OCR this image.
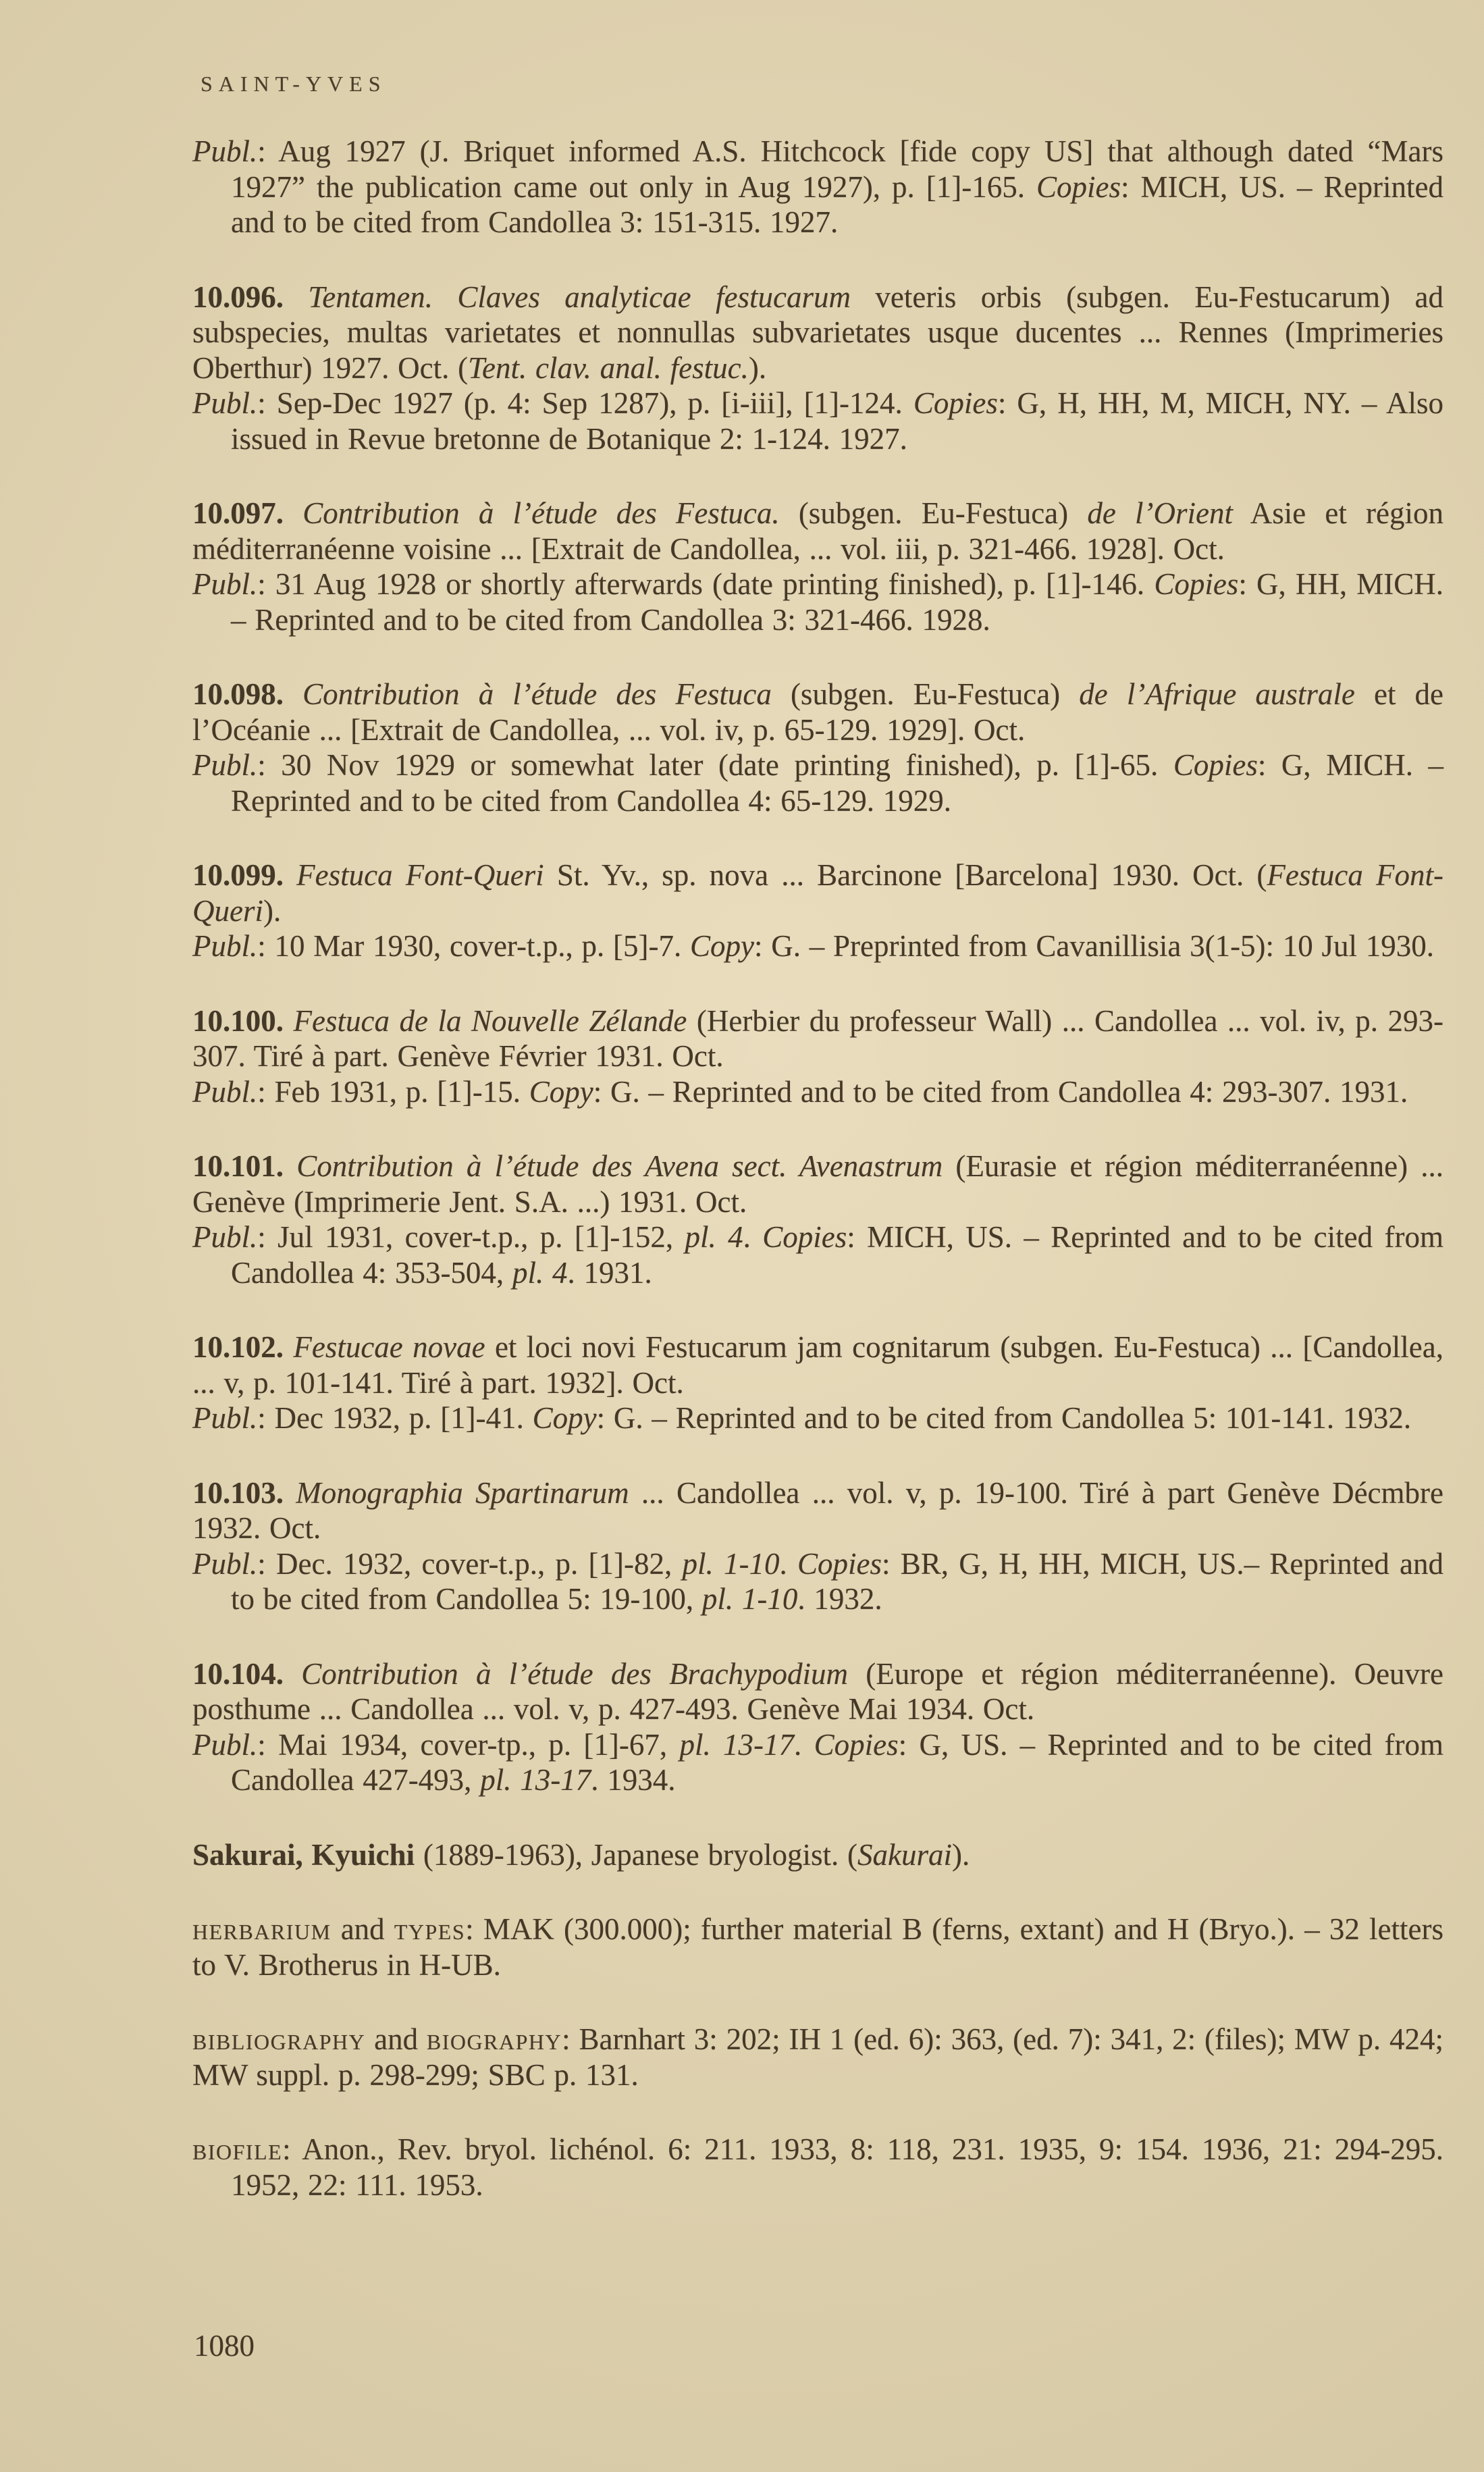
SAINT-YVES

Publ.: Aug 1927 (J. Briquet informed A.S. Hitchcock [fide copy US] that although dated “Mars 1927” the publication came out only in Aug 1927), p. [1]-165. Copies: MICH, US. – Reprinted and to be cited from Candollea 3: 151-315. 1927.

10.096. Tentamen. Claves analyticae festucarum veteris orbis (subgen. Eu-Festucarum) ad subspecies, multas varietates et nonnullas subvarietates usque ducentes ... Rennes (Imprimeries Oberthur) 1927. Oct. (Tent. clav. anal. festuc.).

Publ.: Sep-Dec 1927 (p. 4: Sep 1287), p. [i-iii], [1]-124. Copies: G, H, HH, M, MICH, NY. – Also issued in Revue bretonne de Botanique 2: 1-124. 1927.

10.097. Contribution à l’étude des Festuca. (subgen. Eu-Festuca) de l’Orient Asie et région méditerranéenne voisine ... [Extrait de Candollea, ... vol. iii, p. 321-466. 1928]. Oct.

Publ.: 31 Aug 1928 or shortly afterwards (date printing finished), p. [1]-146. Copies: G, HH, MICH. – Reprinted and to be cited from Candollea 3: 321-466. 1928.

10.098. Contribution à l’étude des Festuca (subgen. Eu-Festuca) de l’Afrique australe et de l’Océanie ... [Extrait de Candollea, ... vol. iv, p. 65-129. 1929]. Oct.

Publ.: 30 Nov 1929 or somewhat later (date printing finished), p. [1]-65. Copies: G, MICH. – Reprinted and to be cited from Candollea 4: 65-129. 1929.

10.099. Festuca Font-Queri St. Yv., sp. nova ... Barcinone [Barcelona] 1930. Oct. (Festuca Font-Queri).

Publ.: 10 Mar 1930, cover-t.p., p. [5]-7. Copy: G. – Preprinted from Cavanillisia 3(1-5): 10 Jul 1930.

10.100. Festuca de la Nouvelle Zélande (Herbier du professeur Wall) ... Candollea ... vol. iv, p. 293-307. Tiré à part. Genève Février 1931. Oct.

Publ.: Feb 1931, p. [1]-15. Copy: G. – Reprinted and to be cited from Candollea 4: 293-307. 1931.

10.101. Contribution à l’étude des Avena sect. Avenastrum (Eurasie et région méditerranéenne) ... Genève (Imprimerie Jent. S.A. ...) 1931. Oct.

Publ.: Jul 1931, cover-t.p., p. [1]-152, pl. 4. Copies: MICH, US. – Reprinted and to be cited from Candollea 4: 353-504, pl. 4. 1931.

10.102. Festucae novae et loci novi Festucarum jam cognitarum (subgen. Eu-Festuca) ... [Candollea, ... v, p. 101-141. Tiré à part. 1932]. Oct.

Publ.: Dec 1932, p. [1]-41. Copy: G. – Reprinted and to be cited from Candollea 5: 101-141. 1932.

10.103. Monographia Spartinarum ... Candollea ... vol. v, p. 19-100. Tiré à part Genève Décmbre 1932. Oct.

Publ.: Dec. 1932, cover-t.p., p. [1]-82, pl. 1-10. Copies: BR, G, H, HH, MICH, US.– Reprinted and to be cited from Candollea 5: 19-100, pl. 1-10. 1932.

10.104. Contribution à l’étude des Brachypodium (Europe et région méditerranéenne). Oeuvre posthume ... Candollea ... vol. v, p. 427-493. Genève Mai 1934. Oct.

Publ.: Mai 1934, cover-tp., p. [1]-67, pl. 13-17. Copies: G, US. – Reprinted and to be cited from Candollea 427-493, pl. 13-17. 1934.

Sakurai, Kyuichi (1889-1963), Japanese bryologist. (Sakurai).

herbarium and types: MAK (300.000); further material B (ferns, extant) and H (Bryo.). – 32 letters to V. Brotherus in H-UB.

bibliography and biography: Barnhart 3: 202; IH 1 (ed. 6): 363, (ed. 7): 341, 2: (files); MW p. 424; MW suppl. p. 298-299; SBC p. 131.

biofile: Anon., Rev. bryol. lichénol. 6: 211. 1933, 8: 118, 231. 1935, 9: 154. 1936, 21: 294-295. 1952, 22: 111. 1953.

1080
